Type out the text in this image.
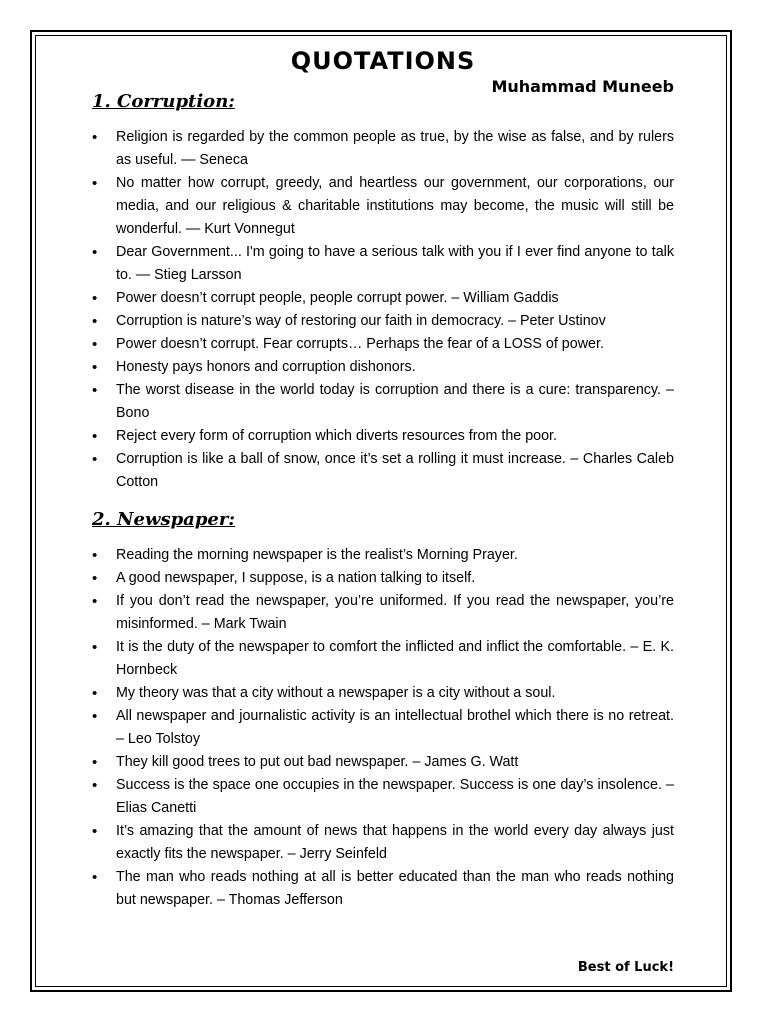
QUOTATIONS
Muhammad Muneeb
1. Corruption:
• Religion is regarded by the common people as true, by the wise as false, and by rulers as useful. — Seneca
• No matter how corrupt, greedy, and heartless our government, our corporations, our media, and our religious & charitable institutions may become, the music will still be wonderful. — Kurt Vonnegut
• Dear Government... I'm going to have a serious talk with you if I ever find anyone to talk to. — Stieg Larsson
• Power doesn’t corrupt people, people corrupt power. – William Gaddis
• Corruption is nature’s way of restoring our faith in democracy. – Peter Ustinov
• Power doesn’t corrupt. Fear corrupts… Perhaps the fear of a LOSS of power.
• Honesty pays honors and corruption dishonors.
• The worst disease in the world today is corruption and there is a cure: transparency. – Bono
• Reject every form of corruption which diverts resources from the poor.
• Corruption is like a ball of snow, once it’s set a rolling it must increase. – Charles Caleb Cotton
2. Newspaper:
• Reading the morning newspaper is the realist’s Morning Prayer.
• A good newspaper, I suppose, is a nation talking to itself.
• If you don’t read the newspaper, you’re uniformed. If you read the newspaper, you’re misinformed. – Mark Twain
• It is the duty of the newspaper to comfort the inflicted and inflict the comfortable. – E. K. Hornbeck
• My theory was that a city without a newspaper is a city without a soul.
• All newspaper and journalistic activity is an intellectual brothel which there is no retreat. – Leo Tolstoy
• They kill good trees to put out bad newspaper. – James G. Watt
• Success is the space one occupies in the newspaper. Success is one day’s insolence. – Elias Canetti
• It’s amazing that the amount of news that happens in the world every day always just exactly fits the newspaper. – Jerry Seinfeld
• The man who reads nothing at all is better educated than the man who reads nothing but newspaper. – Thomas Jefferson
Best of Luck!
